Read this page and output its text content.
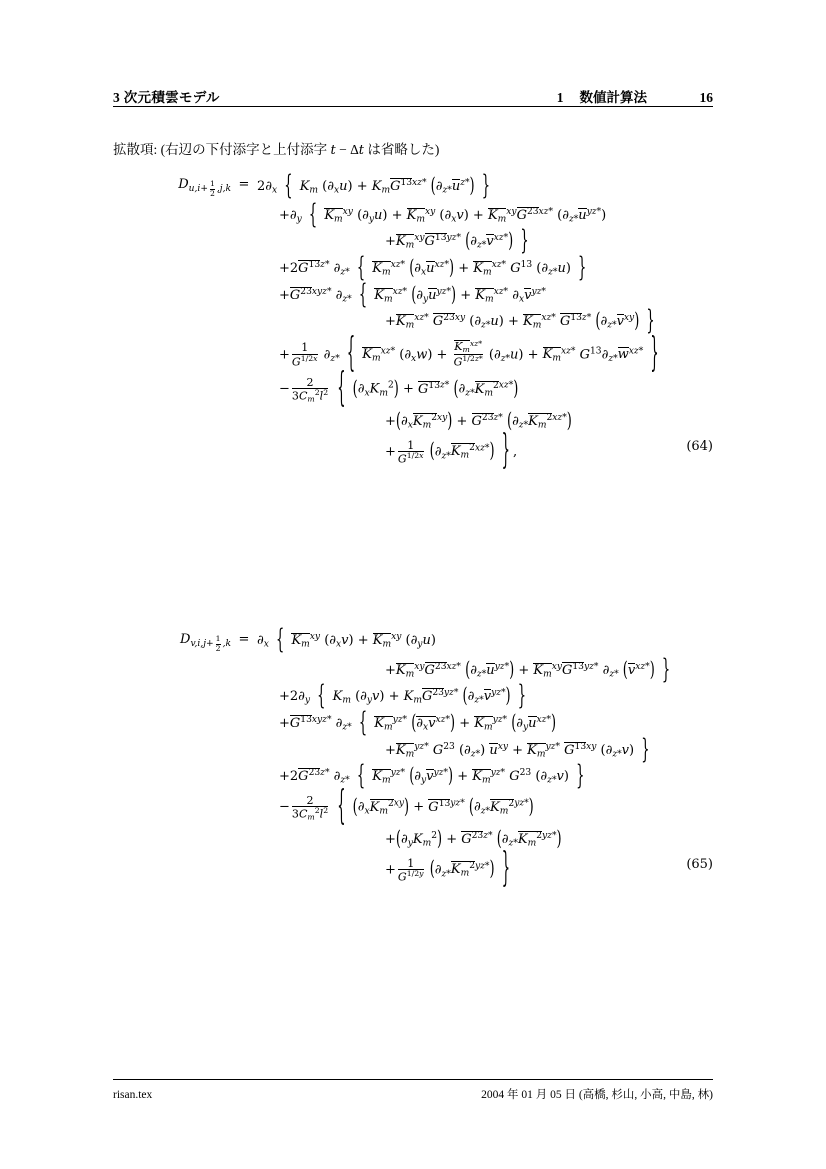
3 次元積雲モデル	1 数値計算法	16
拡散項: (右辺の下付添字と上付添字 t − Δt は省略した)
$D_{u,i+ \frac{1}{2} ,j,k} = 2\partial_x$ { $K_m$ $(\partial_xu) + K_mG^{13xz*}$ $(\partial_{z*}u^{z*})$ }
$+\partial_y$ { $K_m^{xy}$ $(\partial_yu) + K_m^{xy}$ $(\partial_xv) + K_m^{xy}G^{23xz*}$ $(\partial_{z*}u^{yz*})$
$+K_m^{xy}G^{13yz*}$ $(\partial_{z*}v^{xz*})$ }
$+2G^{13z*}$ $\partial_{z*}$ { $K_m^{xz*}$ $(\partial_xu^{xz*}) + K_m^{xz*}$ $G^{13}$ $(\partial_{z*}u)$ }
$+G^{23xyz*}$ $\partial_{z*}$ { $K_m^{xz*}$ $(\partial_yu^{yz*}) + K_m^{xz*}$ $\partial_xv^{yz*}$
$+K_m^{xz*}$ $G^{23xy}$ $(\partial_{z*}u) + K_m^{xz*}$ $G^{13z*}$ $(\partial_{z*}v^{xy})$ }
+ $\frac{1}{G^{1/2x}} \partial_{z*}$ { $K_m^{xz*}$ $(\partial_xw) + \frac{K_m^{xz*}}{G^{1/2z*}} (\partial_{z*}u) + K_m^{xz*}$ $G^{13}\partial_{z*}w^{xz*}$ }
− $\frac{2}{3C_m^2l^2}$ { $(\partial_xK_m^2) + G^{13z*}$ $(\partial_{z*}K_m^{2xz*})$
$+(\partial_xK_m^{2xy}) + G^{23z*}$ $(\partial_{z*}K_m^{2xz*})$
+ $\frac{1}{G^{1/2x}} (\partial_{z*}K_m^{2xz*})$ } ,	(64)
$D_{v,i,j+ \frac{1}{2} ,k} = \partial_x$ { $K_m^{xy}$ $(\partial_xv) + K_m^{xy}$ $(\partial_yu)$
$+K_m^{xy}G^{23xz*}$ $(\partial_{z*}u^{yz*}) + K_m^{xy}G^{13yz*}$ $\partial_{z*}$ $(v^{xz*})$ }
$+2\partial_y$ { $K_m$ $(\partial_yv) + K_mG^{23yz*}$ $(\partial_{z*}v^{yz*})$ }
$+G^{13xyz*}$ $\partial_{z*}$ { $K_m^{yz*}$ $(\partial_xv^{xz*}) + K_m^{yz*}$ $(\partial_yu^{xz*})$
$+K_m^{yz*}$ $G^{23}$ $(\partial_{z*}) u^{xy} + K_m^{yz*}$ $G^{13xy}$ $(\partial_{z*}v)$ }
$+2G^{23z*}$ $\partial_{z*}$ { $K_m^{yz*}$ $(\partial_yv^{yz*}) + K_m^{yz*}$ $G^{23}$ $(\partial_{z*}v)$ }
− $\frac{2}{3C_m^2l^2}$ { $(\partial_xK_m^{2xy}) + G^{13yz*}$ $(\partial_{z*}K_m^{2yz*})$
$+(\partial_yK_m^2) + G^{23z*}$ $(\partial_{z*}K_m^{2yz*})$
+ $\frac{1}{G^{1/2y}} (\partial_{z*}K_m^{2yz*})$ }	(65)
risan.tex	2004 年 01 月 05 日 (高橋, 杉山, 小高, 中島, 林)
